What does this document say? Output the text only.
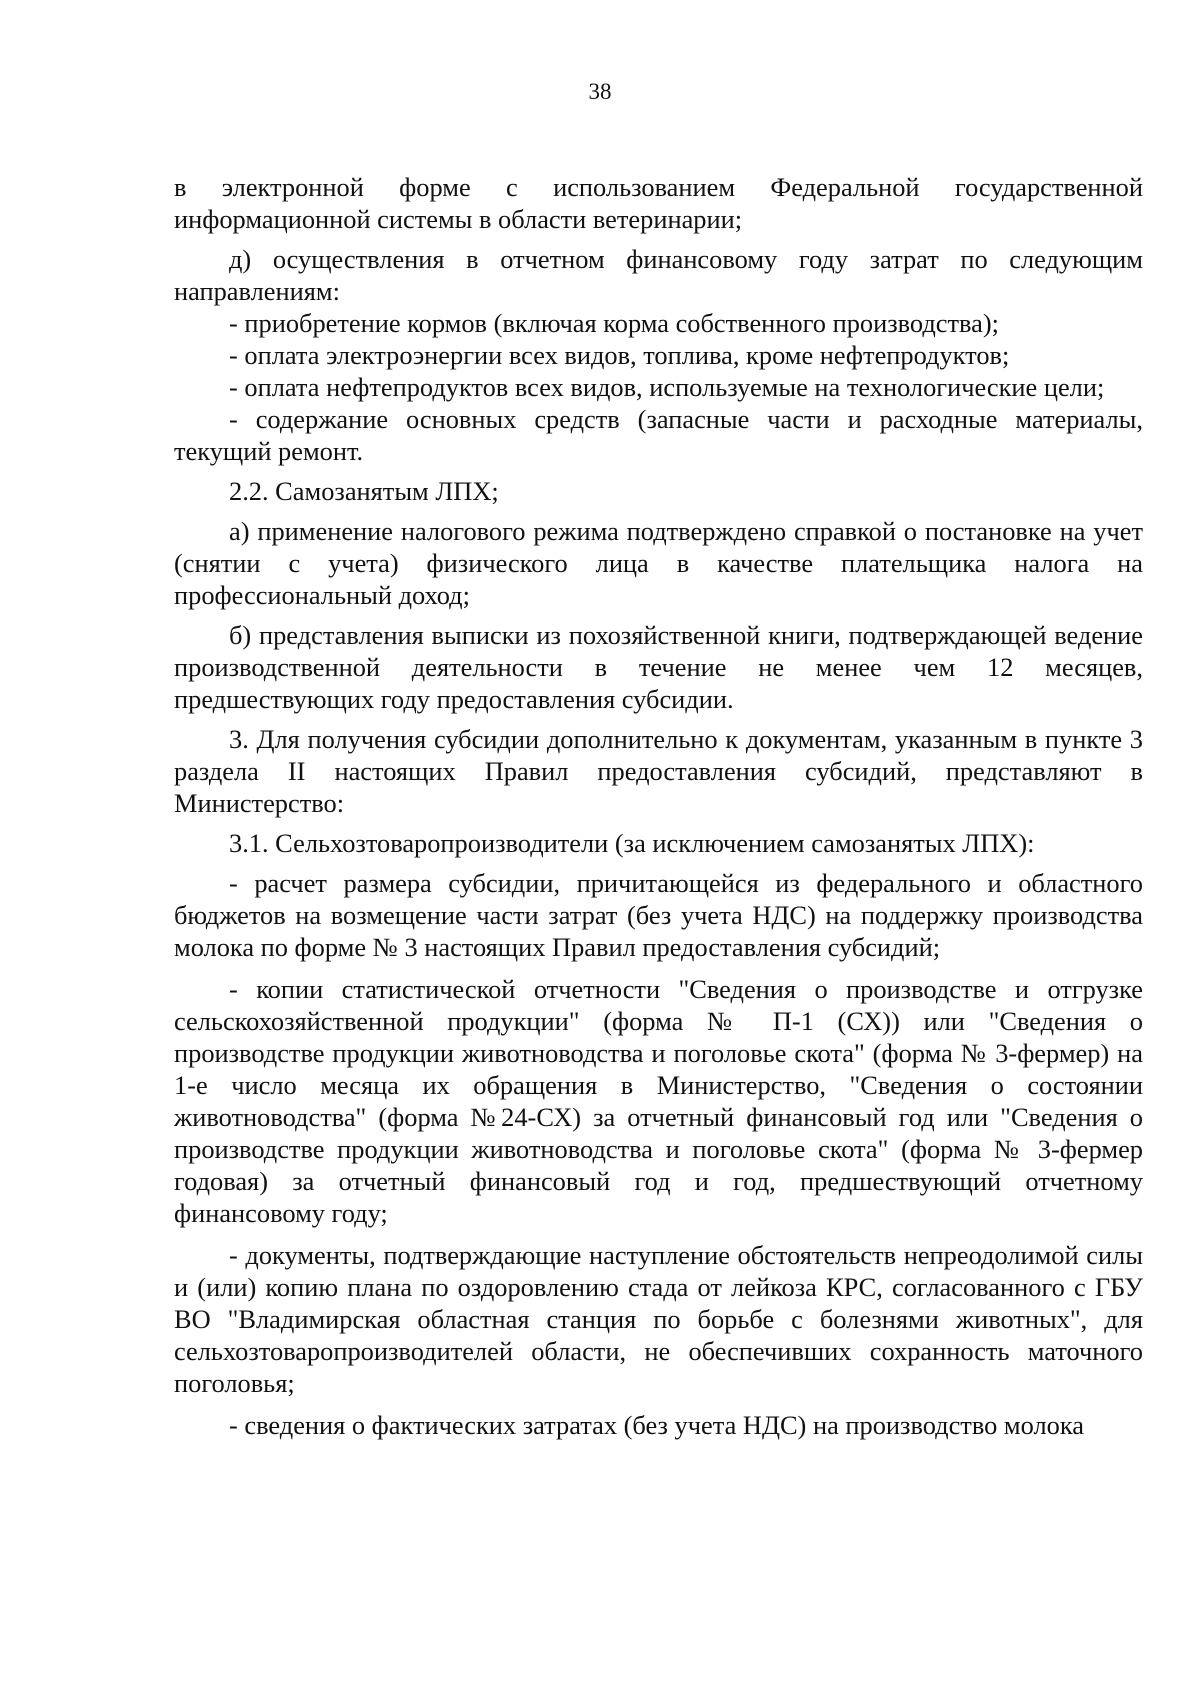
38

в электронной форме с использованием Федеральной государственной информационной системы в области ветеринарии;

д) осуществления в отчетном финансовому году затрат по следующим направлениям:

- приобретение кормов (включая корма собственного производства);

- оплата электроэнергии всех видов, топлива, кроме нефтепродуктов;

- оплата нефтепродуктов всех видов, используемые на технологические цели;

- содержание основных средств (запасные части и расходные материалы, текущий ремонт.

2.2. Самозанятым ЛПХ;

а) применение налогового режима подтверждено справкой о постановке на учет (снятии с учета) физического лица в качестве плательщика налога на профессиональный доход;

б) представления выписки из похозяйственной книги, подтверждающей ведение производственной деятельности в течение не менее чем 12 месяцев, предшествующих году предоставления субсидии.

3. Для получения субсидии дополнительно к документам, указанным в пункте 3 раздела II настоящих Правил предоставления субсидий, представляют в Министерство:

3.1. Сельхозтоваропроизводители (за исключением самозанятых ЛПХ):

- расчет размера субсидии, причитающейся из федерального и областного бюджетов на возмещение части затрат (без учета НДС) на поддержку производства молока по форме № 3 настоящих Правил предоставления субсидий;

- копии статистической отчетности "Сведения о производстве и отгрузке сельскохозяйственной продукции" (форма № П-1 (СХ)) или "Сведения о производстве продукции животноводства и поголовье скота" (форма № 3-фермер) на 1-е число месяца их обращения в Министерство, "Сведения о состоянии животноводства" (форма №24-СХ) за отчетный финансовый год или "Сведения о производстве продукции животноводства и поголовье скота" (форма № 3-фермер годовая) за отчетный финансовый год и год, предшествующий отчетному финансовому году;

- документы, подтверждающие наступление обстоятельств непреодолимой силы и (или) копию плана по оздоровлению стада от лейкоза КРС, согласованного с ГБУ ВО "Владимирская областная станция по борьбе с болезнями животных", для сельхозтоваропроизводителей области, не обеспечивших сохранность маточного поголовья;

- сведения о фактических затратах (без учета НДС) на производство молока
